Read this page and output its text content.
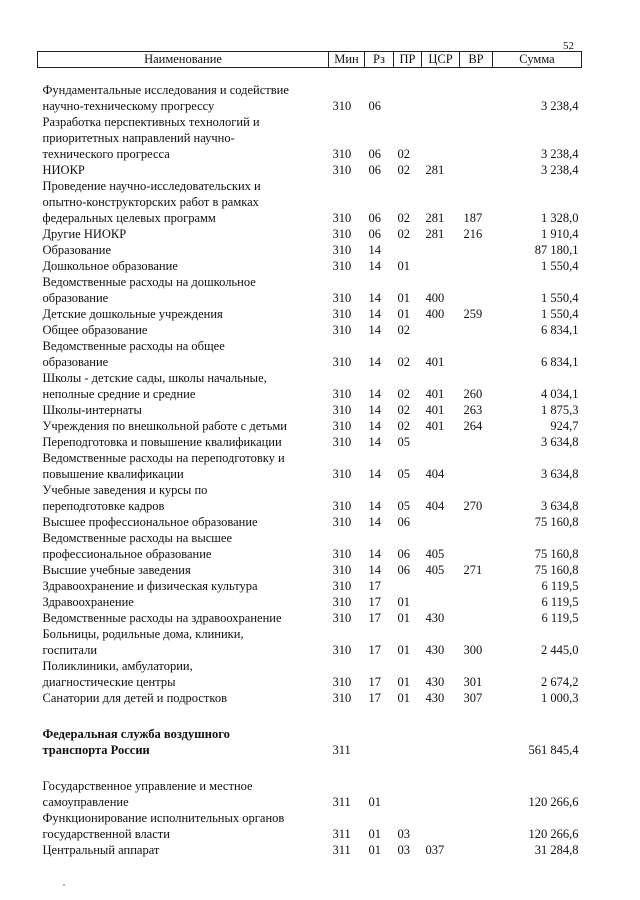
52
Наименование	Мин	Рз	ПР	ЦСР	ВР	Сумма

Фундаментальные исследования и содействие						
научно-техническому прогрессу	310	06				3 238,4
Разработка перспективных технологий и						
приоритетных направлений научно-						
технического прогресса	310	06	02			3 238,4
НИОКР	310	06	02	281		3 238,4
Проведение научно-исследовательских и						
опытно-конструкторских работ в рамках						
федеральных целевых программ	310	06	02	281	187	1 328,0
Другие НИОКР	310	06	02	281	216	1 910,4
Образование	310	14				87 180,1
Дошкольное образование	310	14	01			1 550,4
Ведомственные расходы на дошкольное						
образование	310	14	01	400		1 550,4
Детские дошкольные учреждения	310	14	01	400	259	1 550,4
Общее образование	310	14	02			6 834,1
Ведомственные расходы на общее						
образование	310	14	02	401		6 834,1
Школы - детские сады, школы начальные,						
неполные средние и средние	310	14	02	401	260	4 034,1
Школы-интернаты	310	14	02	401	263	1 875,3
Учреждения по внешкольной работе с детьми	310	14	02	401	264	924,7
Переподготовка и повышение квалификации	310	14	05			3 634,8
Ведомственные расходы на переподготовку и						
повышение квалификации	310	14	05	404		3 634,8
Учебные заведения и курсы по						
переподготовке кадров	310	14	05	404	270	3 634,8
Высшее профессиональное образование	310	14	06			75 160,8
Ведомственные расходы на высшее						
профессиональное образование	310	14	06	405		75 160,8
Высшие учебные заведения	310	14	06	405	271	75 160,8
Здравоохранение и физическая культура	310	17				6 119,5
Здравоохранение	310	17	01			6 119,5
Ведомственные расходы на здравоохранение	310	17	01	430		6 119,5
Больницы, родильные дома, клиники,						
госпитали	310	17	01	430	300	2 445,0
Поликлиники, амбулатории,						
диагностические центры	310	17	01	430	301	2 674,2
Санатории для детей и подростков	310	17	01	430	307	1 000,3

Федеральная служба воздушного						
транспорта России	311					561 845,4

Государственное управление и местное						
самоуправление	311	01				120 266,6
Функционирование исполнительных органов						
государственной власти	311	01	03			120 266,6
Центральный аппарат	311	01	03	037		31 284,8
